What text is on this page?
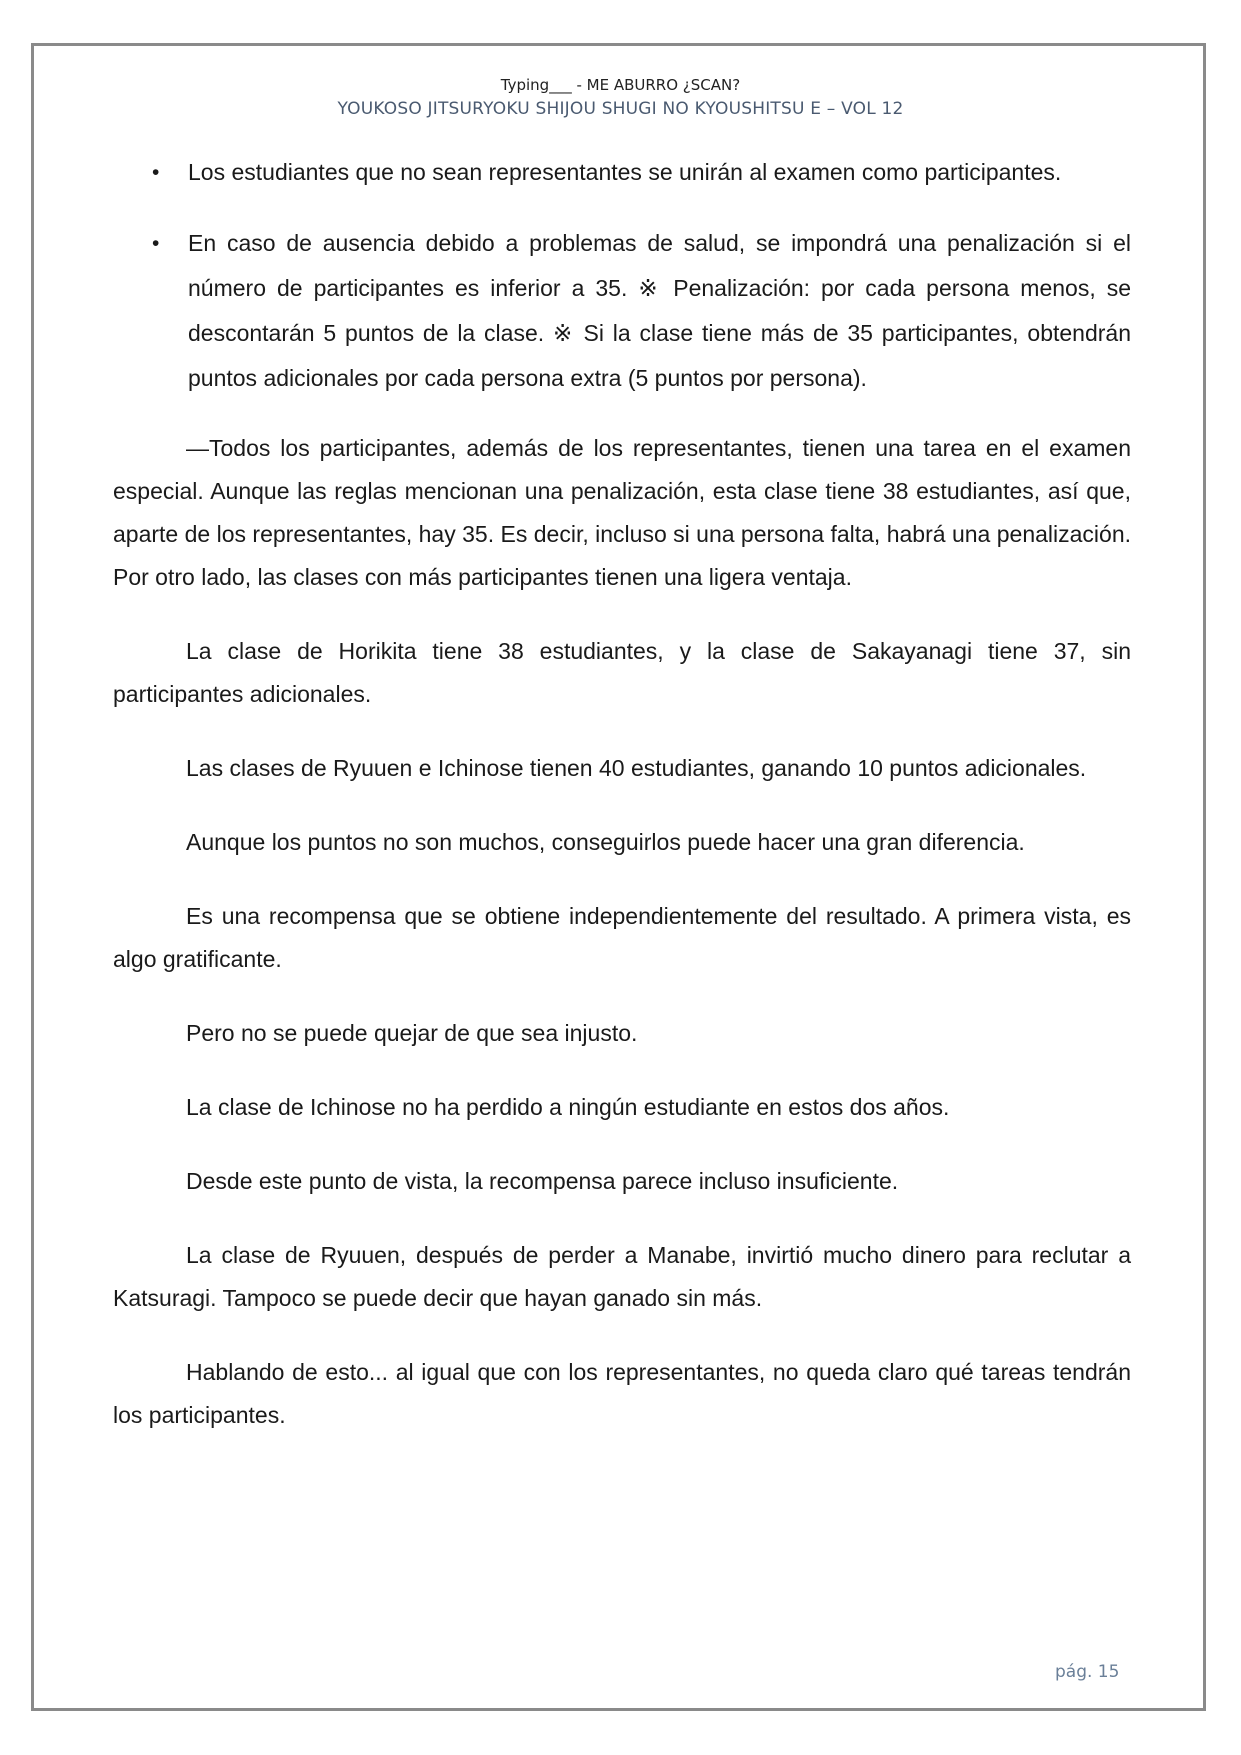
Typing___ - ME ABURRO ¿SCAN?
YOUKOSO JITSURYOKU SHIJOU SHUGI NO KYOUSHITSU E – VOL 12
• Los estudiantes que no sean representantes se unirán al examen como participantes.
• En caso de ausencia debido a problemas de salud, se impondrá una penalización si el número de participantes es inferior a 35. ※ Penalización: por cada persona menos, se descontarán 5 puntos de la clase. ※ Si la clase tiene más de 35 participantes, obtendrán puntos adicionales por cada persona extra (5 puntos por persona).

—Todos los participantes, además de los representantes, tienen una tarea en el examen especial. Aunque las reglas mencionan una penalización, esta clase tiene 38 estudiantes, así que, aparte de los representantes, hay 35. Es decir, incluso si una persona falta, habrá una penalización. Por otro lado, las clases con más participantes tienen una ligera ventaja.

La clase de Horikita tiene 38 estudiantes, y la clase de Sakayanagi tiene 37, sin participantes adicionales.

Las clases de Ryuuen e Ichinose tienen 40 estudiantes, ganando 10 puntos adicionales.

Aunque los puntos no son muchos, conseguirlos puede hacer una gran diferencia.

Es una recompensa que se obtiene independientemente del resultado. A primera vista, es algo gratificante.

Pero no se puede quejar de que sea injusto.

La clase de Ichinose no ha perdido a ningún estudiante en estos dos años.

Desde este punto de vista, la recompensa parece incluso insuficiente.

La clase de Ryuuen, después de perder a Manabe, invirtió mucho dinero para reclutar a Katsuragi. Tampoco se puede decir que hayan ganado sin más.

Hablando de esto... al igual que con los representantes, no queda claro qué tareas tendrán los participantes.

pág. 15
